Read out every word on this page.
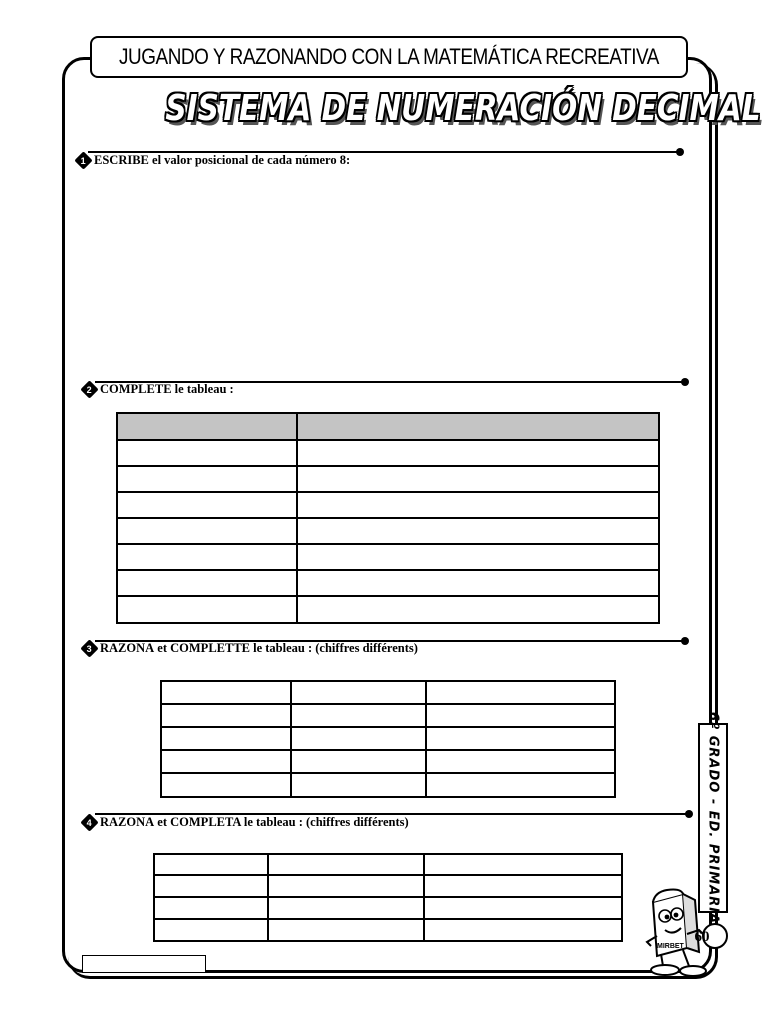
JUGANDO Y RAZONANDO CON LA MATEMÁTICA RECREATIVA
SISTEMA DE NUMERACIÓN DECIMAL
1 ESCRIBE el valor posicional de cada número 8:
2 COMPLETE le tableau :

3 RAZONA et COMPLETTE le tableau : (chiffres différents)

4 RAZONA et COMPLETA le tableau : (chiffres différents)

			6º GRADO - ED. PRIMARIA
MIRBET
60
